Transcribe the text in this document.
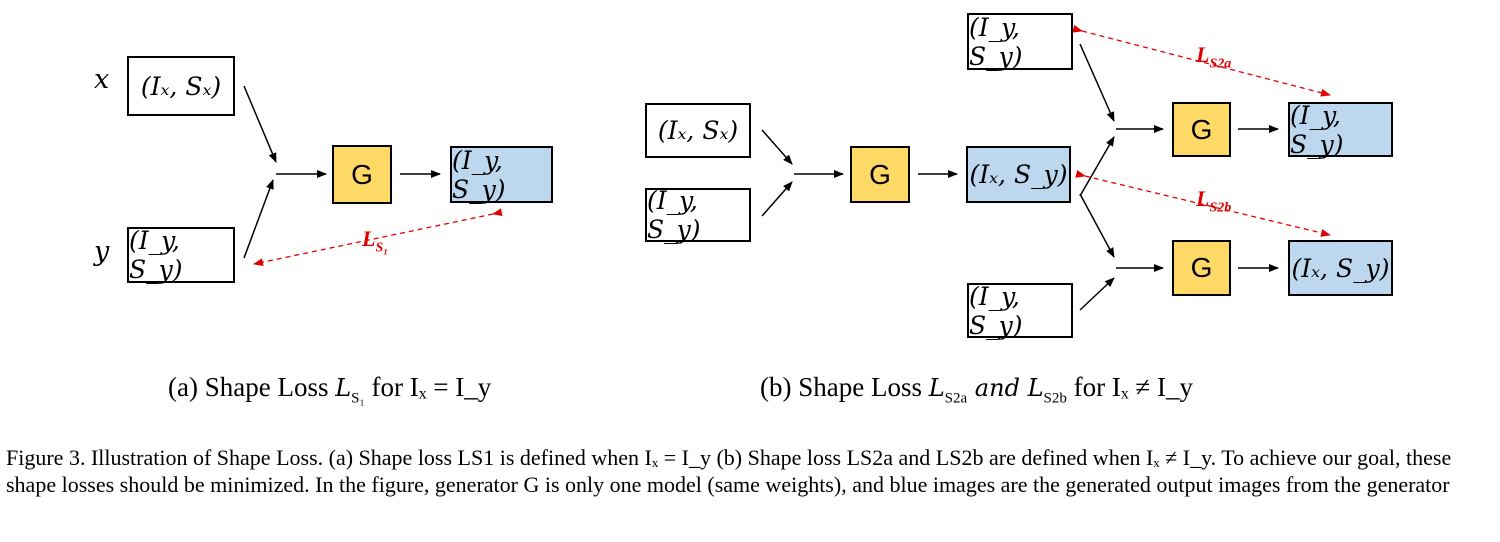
x	(Iₓ, Sₓ)
y (I_y, S_y)
G	(I_y, S_y)
$L_{S_1}$
(a) Shape Loss $L_{S_1}$ for Iₓ = I_y
(Iₓ, Sₓ)
(I_y, S_y)
G	(Iₓ, S_y)
(I_y, S_y)
(I_y, S_y)
G
G
(I_y, S_y)
(Iₓ, S_y)
$L_{S2a}$
$L_{S2b}$
(b) Shape Loss $L_{S2a}$ and $L_{S2b}$ for Iₓ ≠ I_y
Figure 3. Illustration of Shape Loss. (a) Shape loss LS1 is defined when Iₓ = I_y (b) Shape loss LS2a and LS2b are defined when Iₓ ≠ I_y. To achieve our goal, these shape losses should be minimized. In the figure, generator G is only one model (same weights), and blue images are the generated output images from the generator
